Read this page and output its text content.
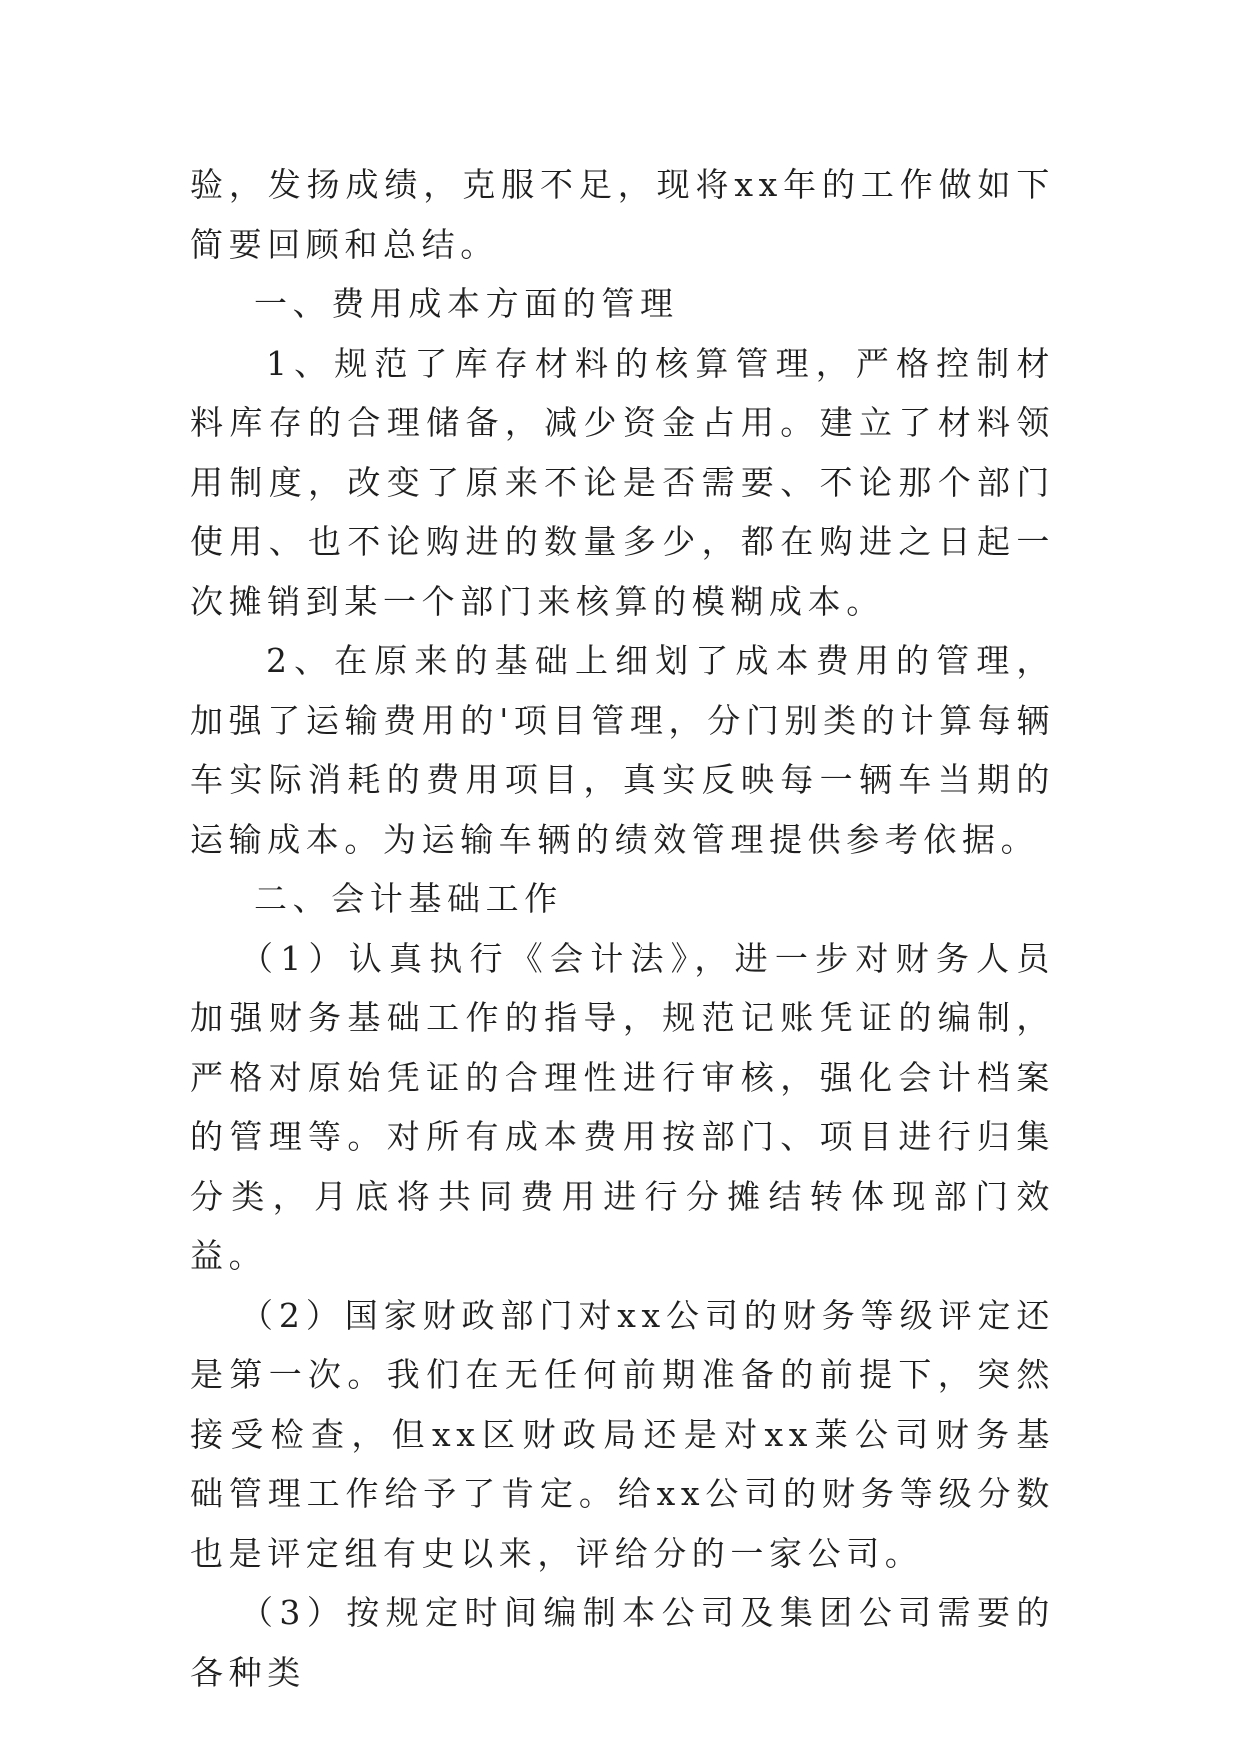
验，发扬成绩，克服不足，现将xx年的工作做如下简要回顾和总结。

一、费用成本方面的管理

1、规范了库存材料的核算管理，严格控制材料库存的合理储备，减少资金占用。建立了材料领用制度，改变了原来不论是否需要、不论那个部门使用、也不论购进的数量多少，都在购进之日起一次摊销到某一个部门来核算的模糊成本。

2、在原来的基础上细划了成本费用的管理，加强了运输费用的'项目管理，分门别类的计算每辆车实际消耗的费用项目，真实反映每一辆车当期的运输成本。为运输车辆的绩效管理提供参考依据。

二、会计基础工作

（1）认真执行《会计法》，进一步对财务人员加强财务基础工作的指导，规范记账凭证的编制，严格对原始凭证的合理性进行审核，强化会计档案的管理等。对所有成本费用按部门、项目进行归集分类，月底将共同费用进行分摊结转体现部门效益。

（2）国家财政部门对xx公司的财务等级评定还是第一次。我们在无任何前期准备的前提下，突然接受检查，但xx区财政局还是对xx莱公司财务基础管理工作给予了肯定。给xx公司的财务等级分数也是评定组有史以来，评给分的一家公司。

（3）按规定时间编制本公司及集团公司需要的各种类
